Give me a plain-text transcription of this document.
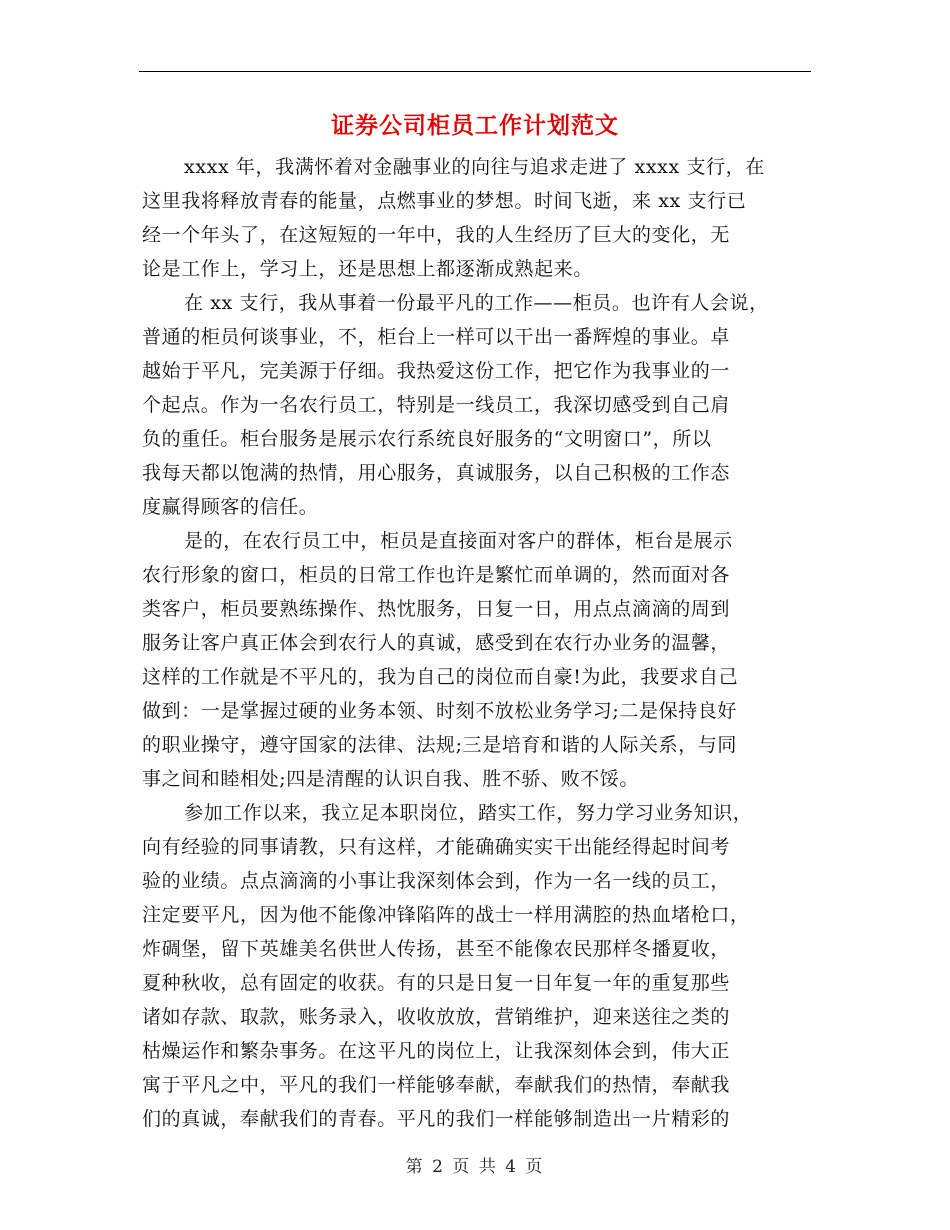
证券公司柜员工作计划范文
xxxx 年，我满怀着对金融事业的向往与追求走进了 xxxx 支行，在
这里我将释放青春的能量，点燃事业的梦想。时间飞逝，来 xx 支行已
经一个年头了，在这短短的一年中，我的人生经历了巨大的变化，无
论是工作上，学习上，还是思想上都逐渐成熟起来。
在 xx 支行，我从事着一份最平凡的工作——柜员。也许有人会说，
普通的柜员何谈事业，不，柜台上一样可以干出一番辉煌的事业。卓
越始于平凡，完美源于仔细。我热爱这份工作，把它作为我事业的一
个起点。作为一名农行员工，特别是一线员工，我深切感受到自己肩
负的重任。柜台服务是展示农行系统良好服务的“文明窗口”，所以
我每天都以饱满的热情，用心服务，真诚服务，以自己积极的工作态
度赢得顾客的信任。
是的，在农行员工中，柜员是直接面对客户的群体，柜台是展示
农行形象的窗口，柜员的日常工作也许是繁忙而单调的，然而面对各
类客户，柜员要熟练操作、热忱服务，日复一日，用点点滴滴的周到
服务让客户真正体会到农行人的真诚，感受到在农行办业务的温馨，
这样的工作就是不平凡的，我为自己的岗位而自豪!为此，我要求自己
做到：一是掌握过硬的业务本领、时刻不放松业务学习;二是保持良好
的职业操守，遵守国家的法律、法规;三是培育和谐的人际关系，与同
事之间和睦相处;四是清醒的认识自我、胜不骄、败不馁。
参加工作以来，我立足本职岗位，踏实工作，努力学习业务知识，
向有经验的同事请教，只有这样，才能确确实实干出能经得起时间考
验的业绩。点点滴滴的小事让我深刻体会到，作为一名一线的员工，
注定要平凡，因为他不能像冲锋陷阵的战士一样用满腔的热血堵枪口，
炸碉堡，留下英雄美名供世人传扬，甚至不能像农民那样冬播夏收，
夏种秋收，总有固定的收获。有的只是日复一日年复一年的重复那些
诸如存款、取款，账务录入，收收放放，营销维护，迎来送往之类的
枯燥运作和繁杂事务。在这平凡的岗位上，让我深刻体会到，伟大正
寓于平凡之中，平凡的我们一样能够奉献，奉献我们的热情，奉献我
们的真诚，奉献我们的青春。平凡的我们一样能够制造出一片精彩的
第 2 页 共 4 页
